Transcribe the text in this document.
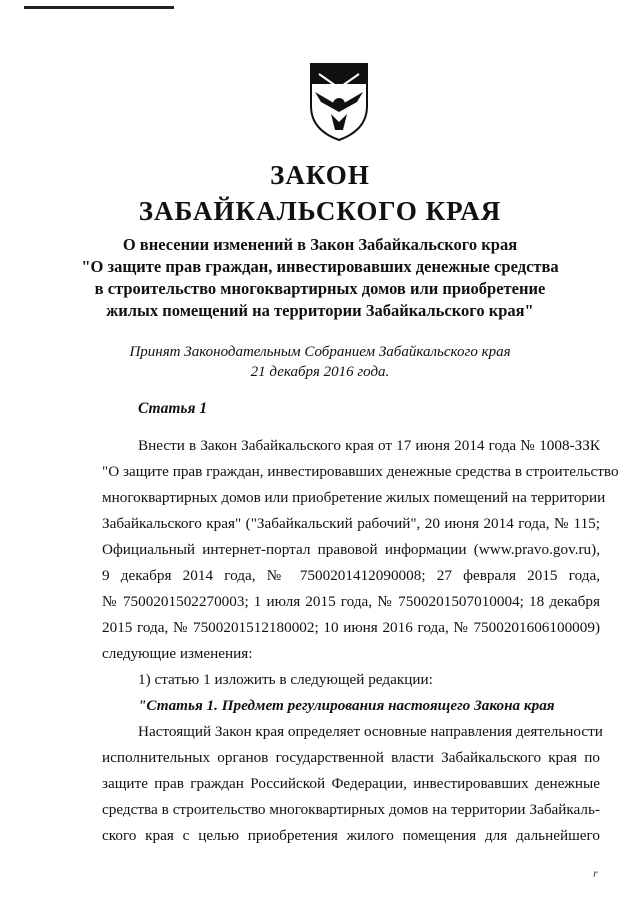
ЗАКОН
ЗАБАЙКАЛЬСКОГО КРАЯ
О внесении изменений в Закон Забайкальского края
"О защите прав граждан, инвестировавших денежные средства
в строительство многоквартирных домов или приобретение
жилых помещений на территории Забайкальского края"
Принят Законодательным Собранием Забайкальского края
21 декабря 2016 года.
Статья 1
Внести в Закон Забайкальского края от 17 июня 2014 года № 1008-ЗЗК
"О защите прав граждан, инвестировавших денежные средства в строительство
многоквартирных домов или приобретение жилых помещений на территории
Забайкальского края" ("Забайкальский рабочий", 20 июня 2014 года, № 115;
Официальный интернет-портал правовой информации (www.pravo.gov.ru),
9 декабря 2014 года, № 7500201412090008; 27 февраля 2015 года,
№ 7500201502270003; 1 июля 2015 года, № 7500201507010004; 18 декабря
2015 года, № 7500201512180002; 10 июня 2016 года, № 7500201606100009)
следующие изменения:
1) статью 1 изложить в следующей редакции:
"Статья 1. Предмет регулирования настоящего Закона края
Настоящий Закон края определяет основные направления деятельности
исполнительных органов государственной власти Забайкальского края по
защите прав граждан Российской Федерации, инвестировавших денежные
средства в строительство многоквартирных домов на территории Забайкаль-
ского края с целью приобретения жилого помещения для дальнейшего
r
